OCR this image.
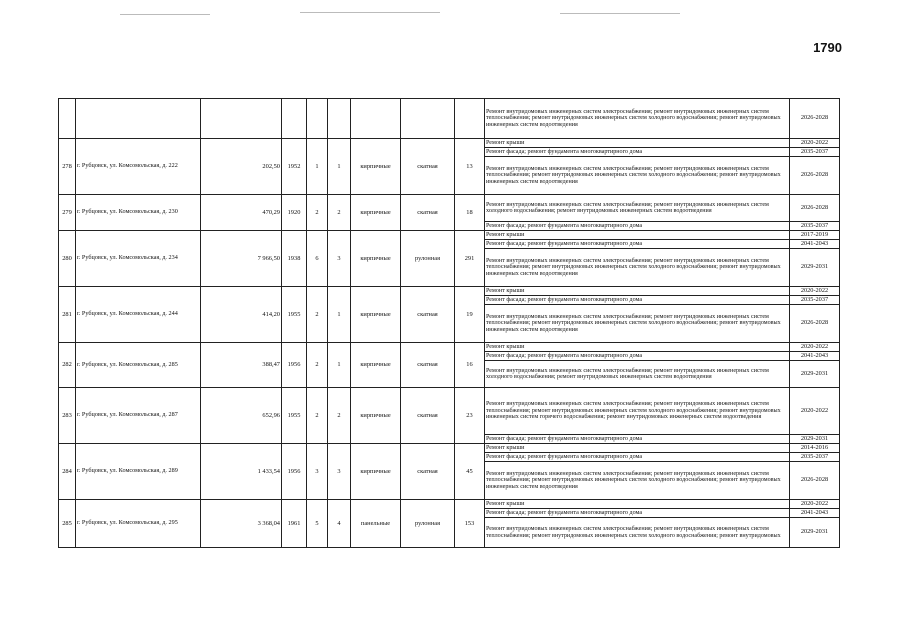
1790
									Ремонт внутридомовых инженерных систем электроснабжения; ремонт внутридомовых инженерных систем теплоснабжения; ремонт внутридомовых инженерных систем холодного водоснабжения; ремонт внутридомовых инженерных систем водоотведения	2026-2028
278	г. Рубцовск, ул. Комсомольская, д. 222	202,50	1952	1	1	кирпичные	скатная	13	Ремонт крыши	2020-2022
									Ремонт фасада; ремонт фундамента многоквартирного дома	2035-2037
									Ремонт внутридомовых инженерных систем электроснабжения; ремонт внутридомовых инженерных систем теплоснабжения; ремонт внутридомовых инженерных систем холодного водоснабжения; ремонт внутридомовых инженерных систем водоотведения	2026-2028
279	г. Рубцовск, ул. Комсомольская, д. 230	470,29	1920	2	2	кирпичные	скатная	18	Ремонт внутридомовых инженерных систем электроснабжения; ремонт внутридомовых инженерных систем холодного водоснабжения; ремонт внутридомовых инженерных систем водоотведения	2026-2028
									Ремонт фасада; ремонт фундамента многоквартирного дома	2035-2037
280	г. Рубцовск, ул. Комсомольская, д. 234	7 966,50	1938	6	3	кирпичные	рулонная	291	Ремонт крыши	2017-2019
									Ремонт фасада; ремонт фундамента многоквартирного дома	2041-2043
									Ремонт внутридомовых инженерных систем электроснабжения; ремонт внутридомовых инженерных систем теплоснабжения; ремонт внутридомовых инженерных систем холодного водоснабжения; ремонт внутридомовых инженерных систем водоотведения	2029-2031
281	г. Рубцовск, ул. Комсомольская, д. 244	414,20	1955	2	1	кирпичные	скатная	19	Ремонт крыши	2020-2022
									Ремонт фасада; ремонт фундамента многоквартирного дома	2035-2037
									Ремонт внутридомовых инженерных систем электроснабжения; ремонт внутридомовых инженерных систем теплоснабжения; ремонт внутридомовых инженерных систем холодного водоснабжения; ремонт внутридомовых инженерных систем водоотведения	2026-2028
282	г. Рубцовск, ул. Комсомольская, д. 285	388,47	1956	2	1	кирпичные	скатная	16	Ремонт крыши	2020-2022
									Ремонт фасада; ремонт фундамента многоквартирного дома	2041-2043
									Ремонт внутридомовых инженерных систем электроснабжения; ремонт внутридомовых инженерных систем холодного водоснабжения; ремонт внутридомовых инженерных систем водоотведения	2029-2031
283	г. Рубцовск, ул. Комсомольская, д. 287	652,96	1955	2	2	кирпичные	скатная	23	Ремонт внутридомовых инженерных систем электроснабжения; ремонт внутридомовых инженерных систем теплоснабжения; ремонт внутридомовых инженерных систем холодного водоснабжения; ремонт внутридомовых инженерных систем горячего водоснабжения; ремонт внутридомовых инженерных систем водоотведения	2020-2022
									Ремонт фасада; ремонт фундамента многоквартирного дома	2029-2031
284	г. Рубцовск, ул. Комсомольская, д. 289	1 433,54	1956	3	3	кирпичные	скатная	45	Ремонт крыши	2014-2016
									Ремонт фасада; ремонт фундамента многоквартирного дома	2035-2037
									Ремонт внутридомовых инженерных систем электроснабжения; ремонт внутридомовых инженерных систем теплоснабжения; ремонт внутридомовых инженерных систем холодного водоснабжения; ремонт внутридомовых инженерных систем водоотведения	2026-2028
285	г. Рубцовск, ул. Комсомольская, д. 295	3 368,04	1961	5	4	панельные	рулонная	153	Ремонт крыши	2020-2022
									Ремонт фасада; ремонт фундамента многоквартирного дома	2041-2043
									Ремонт внутридомовых инженерных систем электроснабжения; ремонт внутридомовых инженерных систем теплоснабжения; ремонт внутридомовых инженерных систем холодного водоснабжения; ремонт внутридомовых	2029-2031
